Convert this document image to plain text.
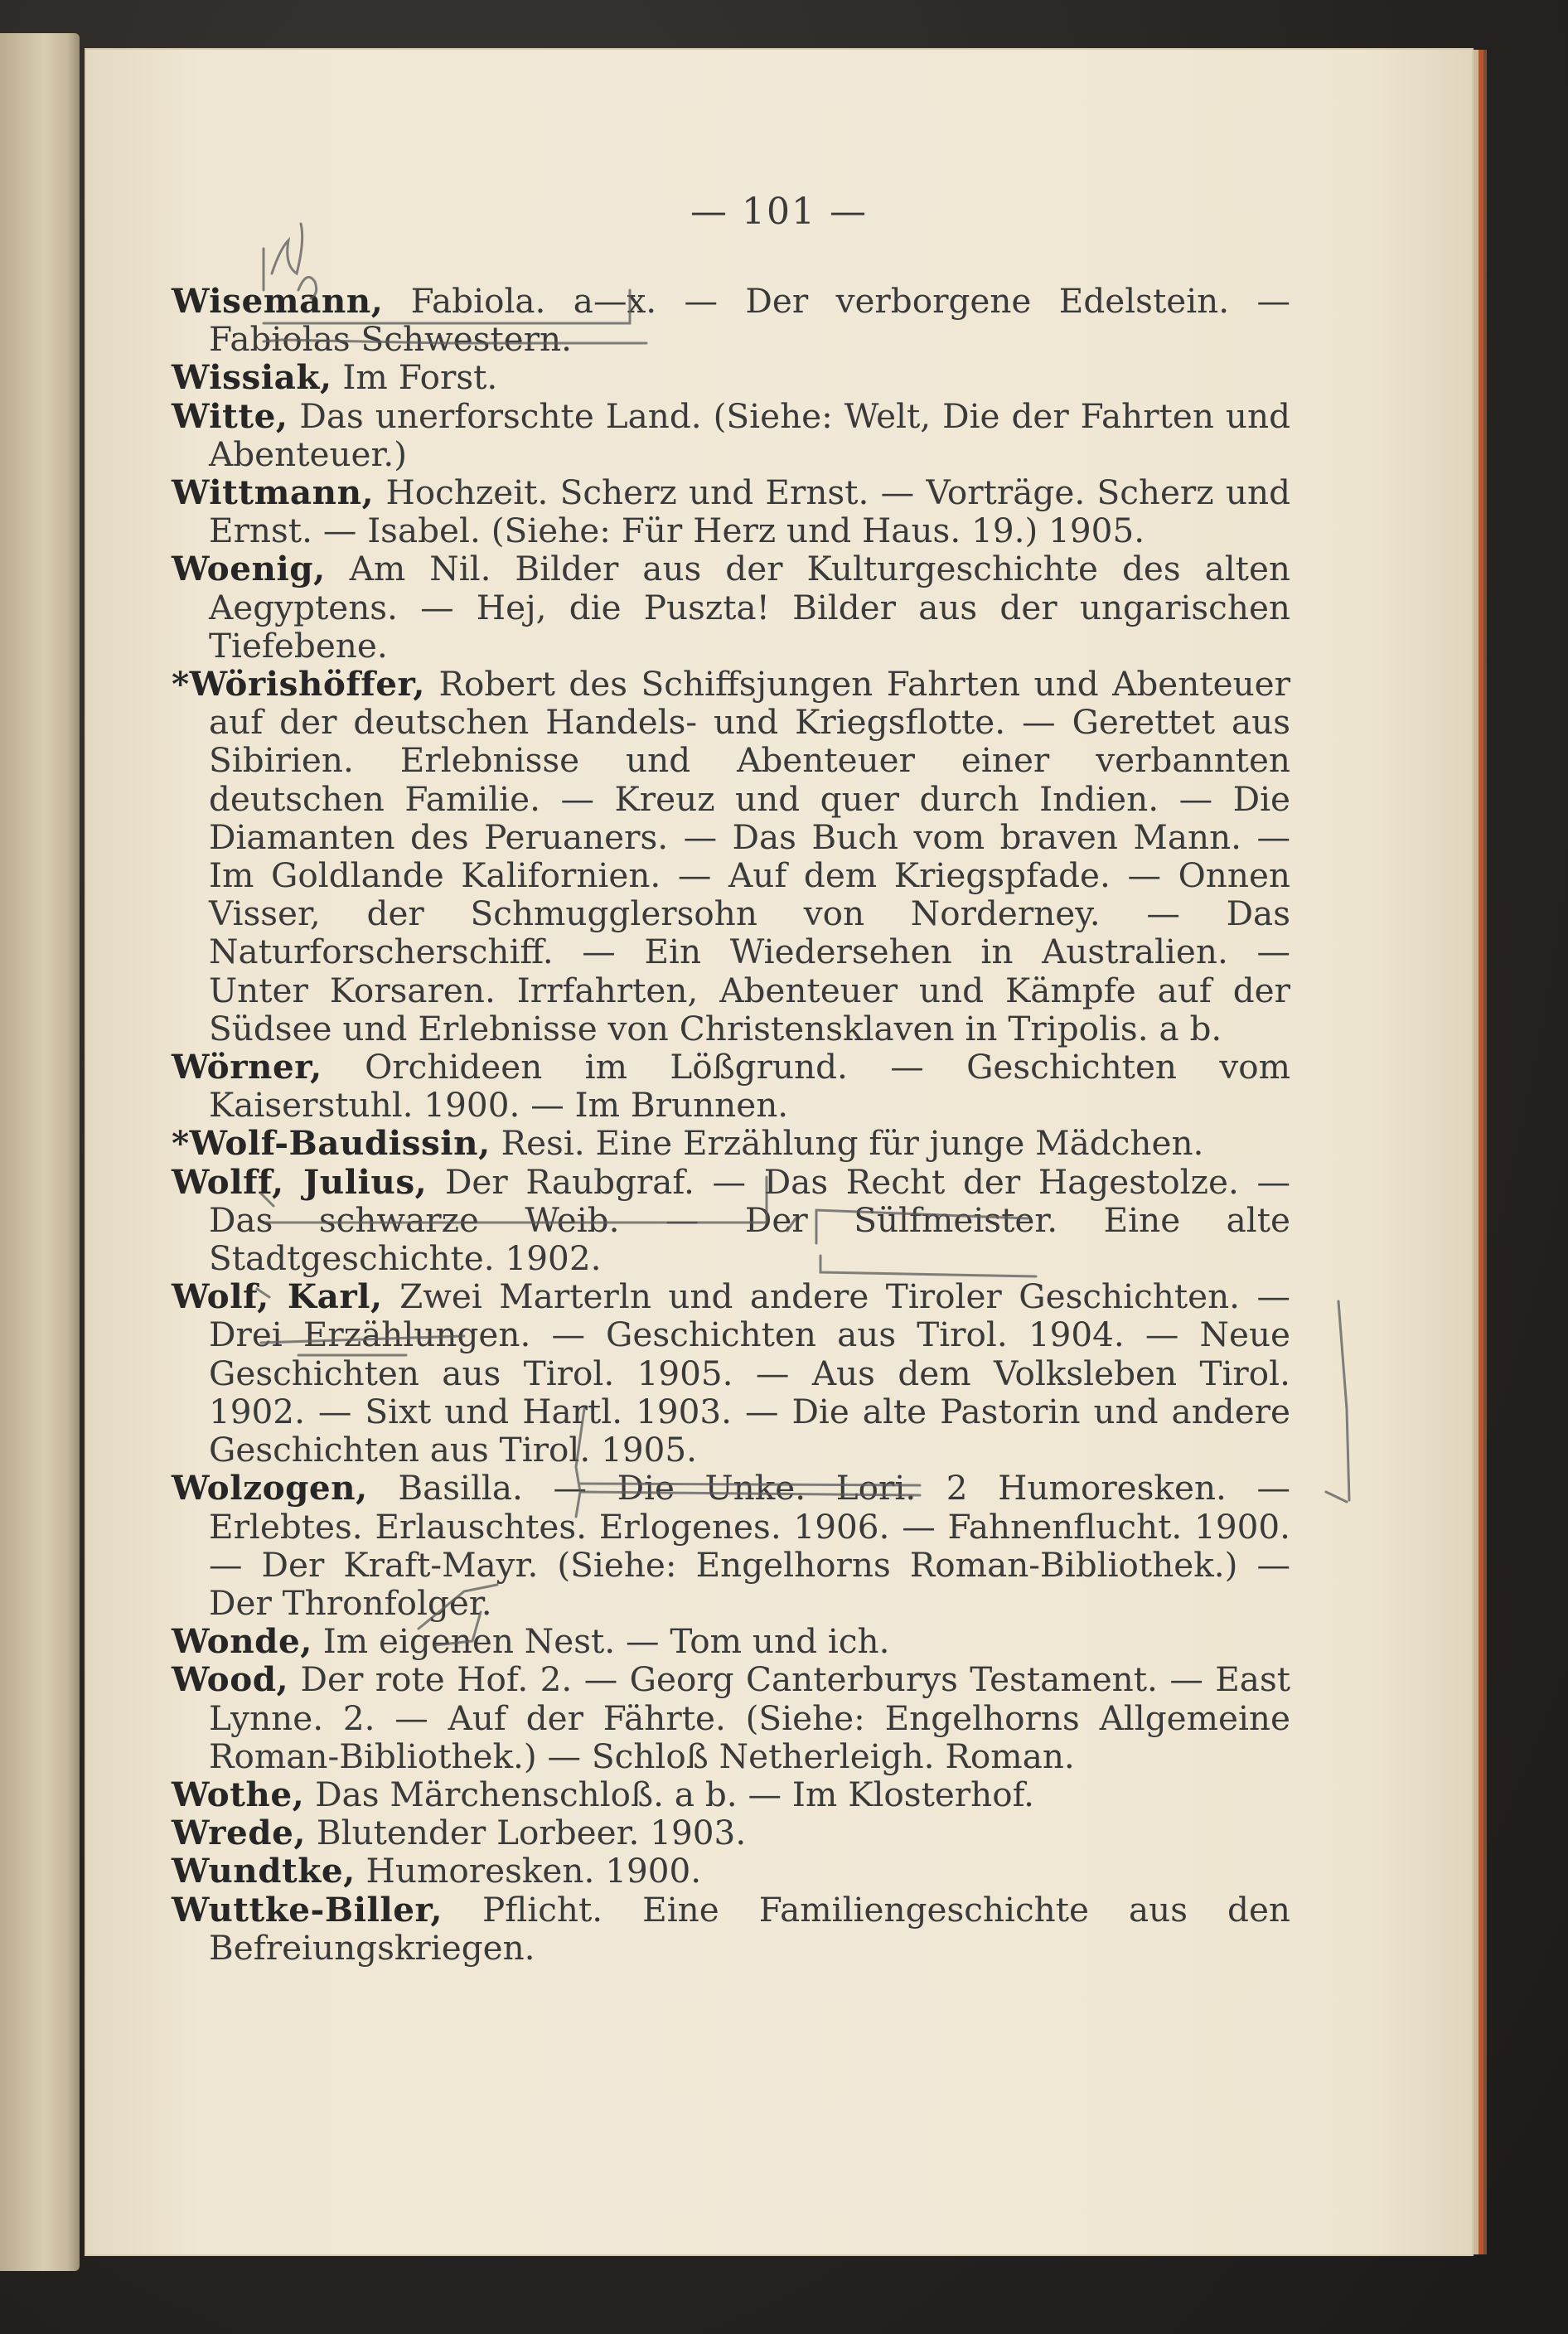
— 101 —
Wisemann, Fabiola. a—x. — Der verborgene Edelstein. — Fabiolas Schwestern.
Wissiak, Im Forst.
Witte, Das unerforschte Land. (Siehe: Welt, Die der Fahrten und Abenteuer.)
Wittmann, Hochzeit. Scherz und Ernst. — Vorträge. Scherz und Ernst. — Isabel. (Siehe: Für Herz und Haus. 19.) 1905.
Woenig, Am Nil. Bilder aus der Kulturgeschichte des alten Aegyptens. — Hej, die Puszta! Bilder aus der ungarischen Tiefebene.
*Wörishöffer, Robert des Schiffsjungen Fahrten und Abenteuer auf der deutschen Handels- und Kriegsflotte. — Gerettet aus Sibirien. Erlebnisse und Abenteuer einer verbannten deutschen Familie. — Kreuz und quer durch Indien. — Die Diamanten des Peruaners. — Das Buch vom braven Mann. — Im Goldlande Kalifornien. — Auf dem Kriegspfade. — Onnen Visser, der Schmugglersohn von Norderney. — Das Naturforscherschiff. — Ein Wiedersehen in Australien. — Unter Korsaren. Irrfahrten, Abenteuer und Kämpfe auf der Südsee und Erlebnisse von Christensklaven in Tripolis. a b.
Wörner, Orchideen im Lößgrund. — Geschichten vom Kaiserstuhl. 1900. — Im Brunnen.
*Wolf-Baudissin, Resi. Eine Erzählung für junge Mädchen.
Wolff, Julius, Der Raubgraf. — Das Recht der Hagestolze. — Das schwarze Weib. — Der Sülfmeister. Eine alte Stadtgeschichte. 1902.
Wolf, Karl, Zwei Marterln und andere Tiroler Geschichten. — Drei Erzählungen. — Geschichten aus Tirol. 1904. — Neue Geschichten aus Tirol. 1905. — Aus dem Volksleben Tirol. 1902. — Sixt und Hartl. 1903. — Die alte Pastorin und andere Geschichten aus Tirol. 1905.
Wolzogen, Basilla. — Die Unke. Lori. 2 Humoresken. — Erlebtes. Erlauschtes. Erlogenes. 1906. — Fahnenflucht. 1900. — Der Kraft-Mayr. (Siehe: Engelhorns Roman-Bibliothek.) — Der Thronfolger.
Wonde, Im eigenen Nest. — Tom und ich.
Wood, Der rote Hof. 2. — Georg Canterburys Testament. — East Lynne. 2. — Auf der Fährte. (Siehe: Engelhorns Allgemeine Roman-Bibliothek.) — Schloß Netherleigh. Roman.
Wothe, Das Märchenschloß. a b. — Im Klosterhof.
Wrede, Blutender Lorbeer. 1903.
Wundtke, Humoresken. 1900.
Wuttke-Biller, Pflicht. Eine Familiengeschichte aus den Befreiungskriegen.
